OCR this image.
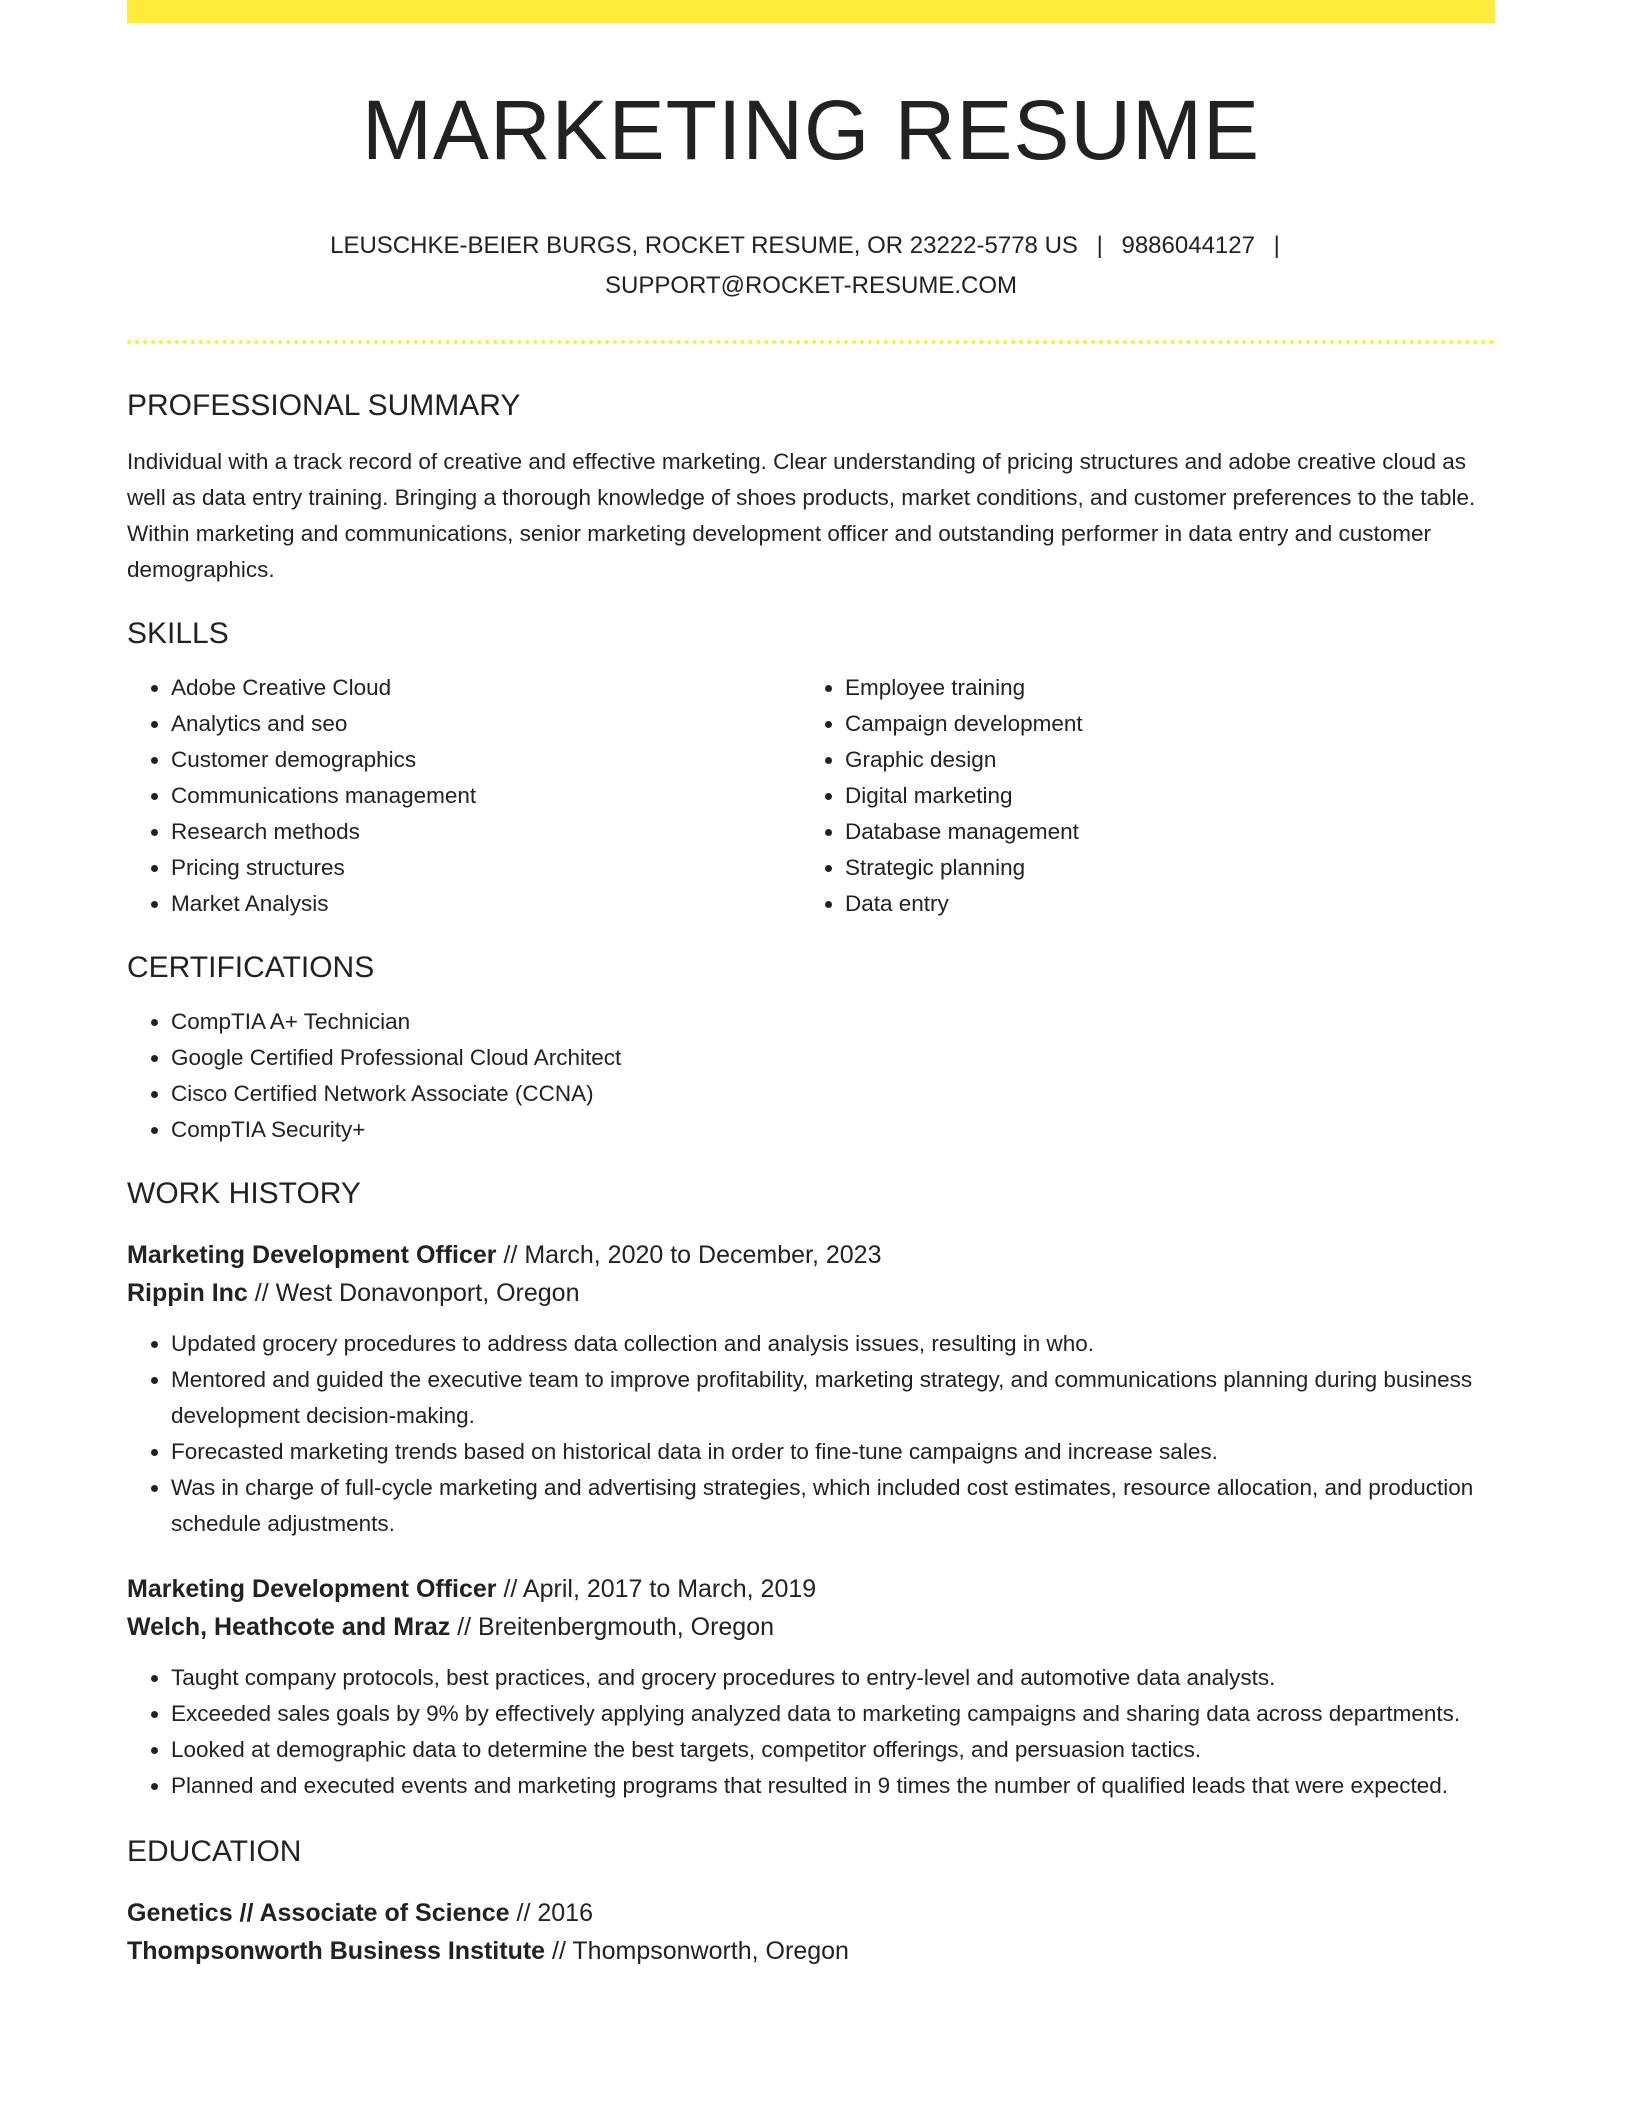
MARKETING RESUME
LEUSCHKE-BEIER BURGS, ROCKET RESUME, OR 23222-5778 US | 9886044127 |
SUPPORT@ROCKET-RESUME.COM
PROFESSIONAL SUMMARY

Individual with a track record of creative and effective marketing. Clear understanding of pricing structures and adobe creative cloud as well as data entry training. Bringing a thorough knowledge of shoes products, market conditions, and customer preferences to the table. Within marketing and communications, senior marketing development officer and outstanding performer in data entry and customer demographics.

SKILLS
• Adobe Creative Cloud
• Analytics and seo
• Customer demographics
• Communications management
• Research methods
• Pricing structures
• Market Analysis
• Employee training
• Campaign development
• Graphic design
• Digital marketing
• Database management
• Strategic planning
• Data entry
CERTIFICATIONS
• CompTIA A+ Technician
• Google Certified Professional Cloud Architect
• Cisco Certified Network Associate (CCNA)
• CompTIA Security+
WORK HISTORY
Marketing Development Officer // March, 2020 to December, 2023
Rippin Inc // West Donavonport, Oregon
• Updated grocery procedures to address data collection and analysis issues, resulting in who.
• Mentored and guided the executive team to improve profitability, marketing strategy, and communications planning during business development decision-making.
• Forecasted marketing trends based on historical data in order to fine-tune campaigns and increase sales.
• Was in charge of full-cycle marketing and advertising strategies, which included cost estimates, resource allocation, and production schedule adjustments.
Marketing Development Officer // April, 2017 to March, 2019
Welch, Heathcote and Mraz // Breitenbergmouth, Oregon
• Taught company protocols, best practices, and grocery procedures to entry-level and automotive data analysts.
• Exceeded sales goals by 9% by effectively applying analyzed data to marketing campaigns and sharing data across departments.
• Looked at demographic data to determine the best targets, competitor offerings, and persuasion tactics.
• Planned and executed events and marketing programs that resulted in 9 times the number of qualified leads that were expected.
EDUCATION
Genetics // Associate of Science // 2016
Thompsonworth Business Institute // Thompsonworth, Oregon
